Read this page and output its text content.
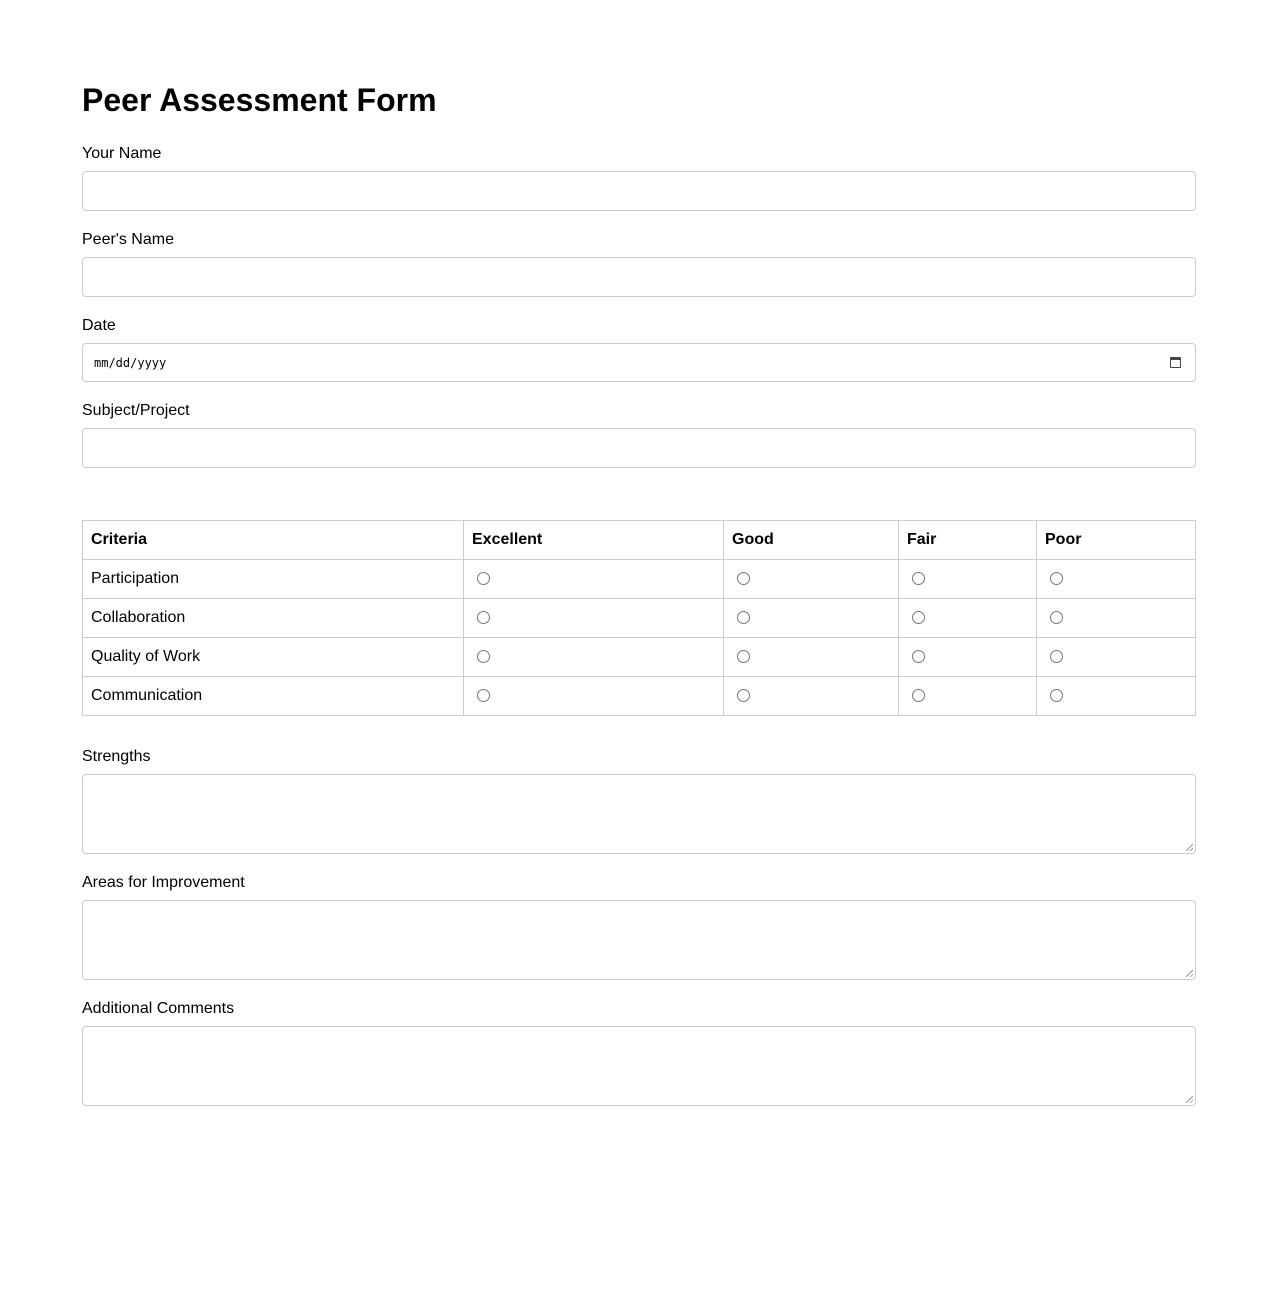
Peer Assessment Form
Your Name
Peer's Name
Date
mm/dd/yyyy
Subject/Project
Criteria	Excellent	Good	Fair	Poor
Participation				
Collaboration				
Quality of Work				
Communication				
Strengths
Areas for Improvement
Additional Comments
